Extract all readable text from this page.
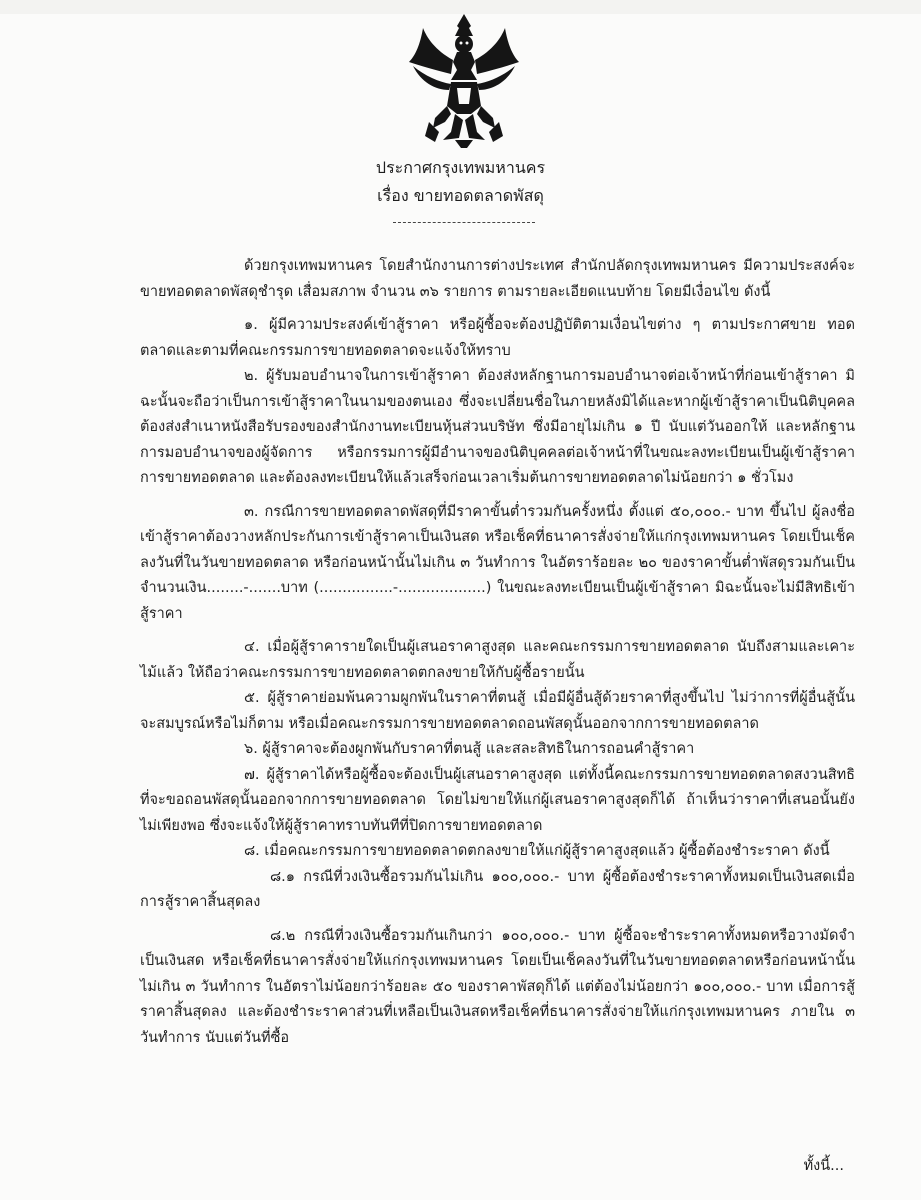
ประกาศกรุงเทพมหานคร
เรื่อง ขายทอดตลาดพัสดุ

ด้วยกรุงเทพมหานคร โดยสำนักงานการต่างประเทศ สำนักปลัดกรุงเทพมหานคร มีความประสงค์จะขายทอดตลาดพัสดุชำรุด เสื่อมสภาพ จำนวน ๓๖ รายการ ตามรายละเอียดแนบท้าย โดยมีเงื่อนไข ดังนี้

๑. ผู้มีความประสงค์เข้าสู้ราคา หรือผู้ซื้อจะต้องปฏิบัติตามเงื่อนไขต่าง ๆ ตามประกาศขาย ทอดตลาดและตามที่คณะกรรมการขายทอดตลาดจะแจ้งให้ทราบ

๒. ผู้รับมอบอำนาจในการเข้าสู้ราคา ต้องส่งหลักฐานการมอบอำนาจต่อเจ้าหน้าที่ก่อนเข้าสู้ราคา มิฉะนั้นจะถือว่าเป็นการเข้าสู้ราคาในนามของตนเอง ซึ่งจะเปลี่ยนชื่อในภายหลังมิได้และหากผู้เข้าสู้ราคาเป็นนิติบุคคลต้องส่งสำเนาหนังสือรับรองของสำนักงานทะเบียนหุ้นส่วนบริษัท ซึ่งมีอายุไม่เกิน ๑ ปี นับแต่วันออกให้ และหลักฐานการมอบอำนาจของผู้จัดการ หรือกรรมการผู้มีอำนาจของนิติบุคคลต่อเจ้าหน้าที่ในขณะลงทะเบียนเป็นผู้เข้าสู้ราคาการขายทอดตลาด และต้องลงทะเบียนให้แล้วเสร็จก่อนเวลาเริ่มต้นการขายทอดตลาดไม่น้อยกว่า ๑ ชั่วโมง

๓. กรณีการขายทอดตลาดพัสดุที่มีราคาขั้นต่ำรวมกันครั้งหนึ่ง ตั้งแต่ ๕๐,๐๐๐.- บาท ขึ้นไป ผู้ลงชื่อเข้าสู้ราคาต้องวางหลักประกันการเข้าสู้ราคาเป็นเงินสด หรือเช็คที่ธนาคารสั่งจ่ายให้แก่กรุงเทพมหานคร โดยเป็นเช็คลงวันที่ในวันขายทอดตลาด หรือก่อนหน้านั้นไม่เกิน ๓ วันทำการ ในอัตราร้อยละ ๒๐ ของราคาขั้นต่ำพัสดุรวมกันเป็นจำนวนเงิน........-.......บาท (................-...................) ในขณะลงทะเบียนเป็นผู้เข้าสู้ราคา มิฉะนั้นจะไม่มีสิทธิเข้าสู้ราคา

๔. เมื่อผู้สู้ราคารายใดเป็นผู้เสนอราคาสูงสุด และคณะกรรมการขายทอดตลาด นับถึงสามและเคาะไม้แล้ว ให้ถือว่าคณะกรรมการขายทอดตลาดตกลงขายให้กับผู้ซื้อรายนั้น

๕. ผู้สู้ราคาย่อมพ้นความผูกพันในราคาที่ตนสู้ เมื่อมีผู้อื่นสู้ด้วยราคาที่สูงขึ้นไป ไม่ว่าการที่ผู้อื่นสู้นั้นจะสมบูรณ์หรือไม่ก็ตาม หรือเมื่อคณะกรรมการขายทอดตลาดถอนพัสดุนั้นออกจากการขายทอดตลาด

๖. ผู้สู้ราคาจะต้องผูกพันกับราคาที่ตนสู้ และสละสิทธิในการถอนคำสู้ราคา

๗. ผู้สู้ราคาได้หรือผู้ซื้อจะต้องเป็นผู้เสนอราคาสูงสุด แต่ทั้งนี้คณะกรรมการขายทอดตลาดสงวนสิทธิ ที่จะขอถอนพัสดุนั้นออกจากการขายทอดตลาด โดยไม่ขายให้แก่ผู้เสนอราคาสูงสุดก็ได้ ถ้าเห็นว่าราคาที่เสนอนั้นยังไม่เพียงพอ ซึ่งจะแจ้งให้ผู้สู้ราคาทราบทันทีที่ปิดการขายทอดตลาด

๘. เมื่อคณะกรรมการขายทอดตลาดตกลงขายให้แก่ผู้สู้ราคาสูงสุดแล้ว ผู้ซื้อต้องชำระราคา ดังนี้

๘.๑ กรณีที่วงเงินซื้อรวมกันไม่เกิน ๑๐๐,๐๐๐.- บาท ผู้ซื้อต้องชำระราคาทั้งหมดเป็นเงินสดเมื่อการสู้ราคาสิ้นสุดลง

๘.๒ กรณีที่วงเงินซื้อรวมกันเกินกว่า ๑๐๐,๐๐๐.- บาท ผู้ซื้อจะชำระราคาทั้งหมดหรือวางมัดจำเป็นเงินสด หรือเช็คที่ธนาคารสั่งจ่ายให้แก่กรุงเทพมหานคร โดยเป็นเช็คลงวันที่ในวันขายทอดตลาดหรือก่อนหน้านั้นไม่เกิน ๓ วันทำการ ในอัตราไม่น้อยกว่าร้อยละ ๕๐ ของราคาพัสดุก็ได้ แต่ต้องไม่น้อยกว่า ๑๐๐,๐๐๐.- บาท เมื่อการสู้ราคาสิ้นสุดลง และต้องชำระราคาส่วนที่เหลือเป็นเงินสดหรือเช็คที่ธนาคารสั่งจ่ายให้แก่กรุงเทพมหานคร ภายใน ๓ วันทำการ นับแต่วันที่ซื้อ

ทั้งนี้...
